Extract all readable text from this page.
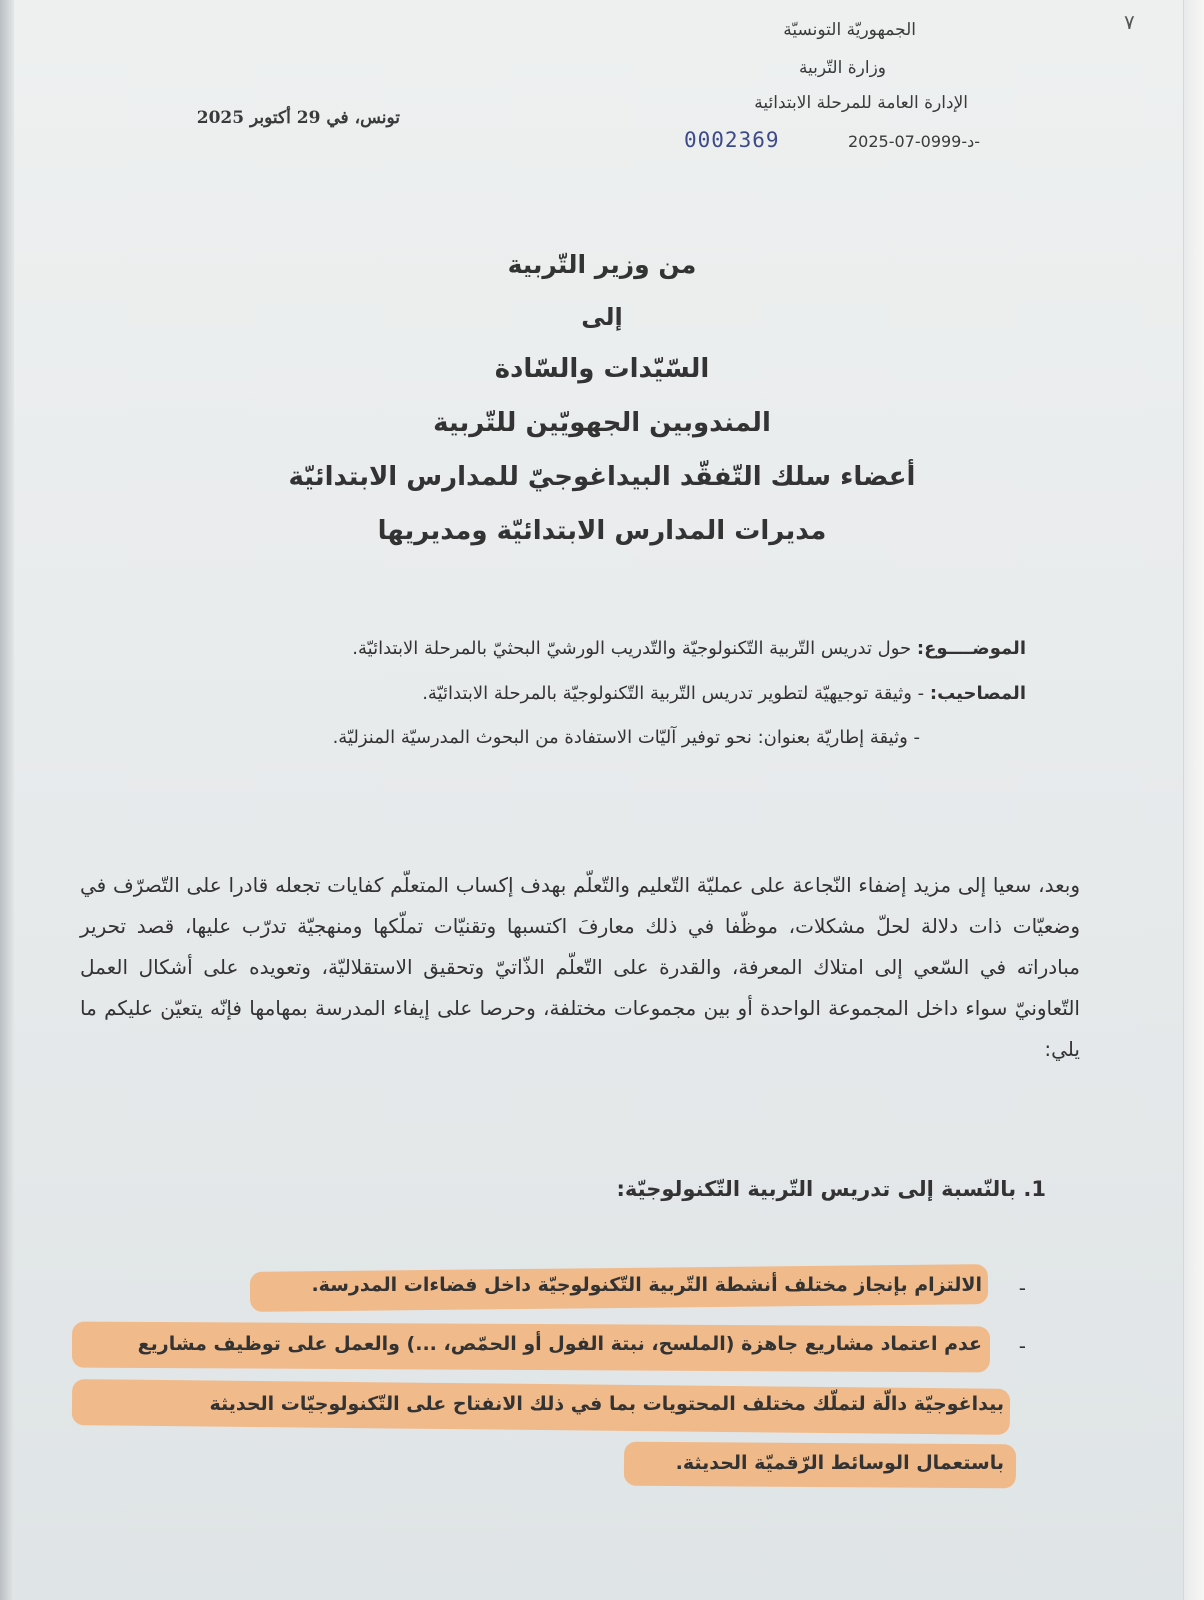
٧
الجمهوريّة التونسيّة
وزارة التّربية
الإدارة العامة للمرحلة الابتدائية
د-0999-07-2025-
0002369
تونس، في 29 أكتوبر 2025
من وزير التّربية
إلى
السّيّدات والسّادة
المندوبين الجهويّين للتّربية
أعضاء سلك التّفقّد البيداغوجيّ للمدارس الابتدائيّة
مديرات المدارس الابتدائيّة ومديريها
الموضــــوع: حول تدريس التّربية التّكنولوجيّة والتّدريب الورشيّ البحثيّ بالمرحلة الابتدائيّة.
المصاحيب: - وثيقة توجيهيّة لتطوير تدريس التّربية التّكنولوجيّة بالمرحلة الابتدائيّة.
- وثيقة إطاريّة بعنوان: نحو توفير آليّات الاستفادة من البحوث المدرسيّة المنزليّة.
وبعد، سعيا إلى مزيد إضفاء النّجاعة على عمليّة التّعليم والتّعلّم بهدف إكساب المتعلّم كفايات تجعله قادرا على التّصرّف في وضعيّات ذات دلالة لحلّ مشكلات، موظّفا في ذلك معارفَ اكتسبها وتقنيّات تملّكها ومنهجيّة تدرّب عليها، قصد تحرير مبادراته في السّعي إلى امتلاك المعرفة، والقدرة على التّعلّم الذّاتيّ وتحقيق الاستقلاليّة، وتعويده على أشكال العمل التّعاونيّ سواء داخل المجموعة الواحدة أو بين مجموعات مختلفة، وحرصا على إيفاء المدرسة بمهامها فإنّه يتعيّن عليكم ما يلي:
1. بالنّسبة إلى تدريس التّربية التّكنولوجيّة:
-
الالتزام بإنجاز مختلف أنشطة التّربية التّكنولوجيّة داخل فضاءات المدرسة.
-
عدم اعتماد مشاريع جاهزة (الملسح، نبتة الفول أو الحمّص، ...) والعمل على توظيف مشاريع
بيداغوجيّة دالّة لتملّك مختلف المحتويات بما في ذلك الانفتاح على التّكنولوجيّات الحديثة
باستعمال الوسائط الرّقميّة الحديثة.
